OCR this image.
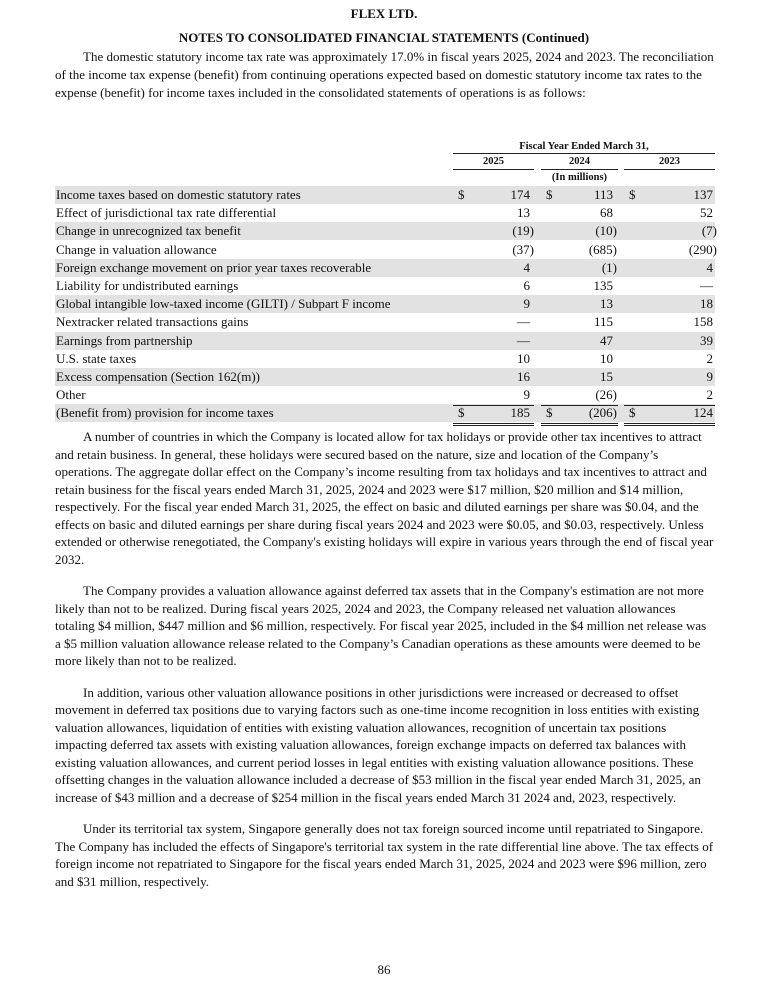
FLEX LTD.
NOTES TO CONSOLIDATED FINANCIAL STATEMENTS (Continued)

The domestic statutory income tax rate was approximately 17.0% in fiscal years 2025, 2024 and 2023. The reconciliation of the income tax expense (benefit) from continuing operations expected based on domestic statutory income tax rates to the expense (benefit) for income taxes included in the consolidated statements of operations is as follows:

Fiscal Year Ended March 31,
2025	2024	2023
(In millions)
Income taxes based on domestic statutory rates	$	174 $	113 $	137
Effect of jurisdictional tax rate differential	13	68	52
Change in unrecognized tax benefit	(19)	(10)	(7)
Change in valuation allowance	(37)	(685)	(290)
Foreign exchange movement on prior year taxes recoverable	4	(1)	4
Liability for undistributed earnings	6	135	—
Global intangible low-taxed income (GILTI) / Subpart F income	9	13	18
Nextracker related transactions gains	—	115	158
Earnings from partnership	—	47	39
U.S. state taxes	10	10	2
Excess compensation (Section 162(m))	16	15	9
Other	9	(26)	2
(Benefit from) provision for income taxes	$	185 $	(206) $	124

A number of countries in which the Company is located allow for tax holidays or provide other tax incentives to attract and retain business. In general, these holidays were secured based on the nature, size and location of the Company’s operations. The aggregate dollar effect on the Company’s income resulting from tax holidays and tax incentives to attract and retain business for the fiscal years ended March 31, 2025, 2024 and 2023 were $17 million, $20 million and $14 million, respectively. For the fiscal year ended March 31, 2025, the effect on basic and diluted earnings per share was $0.04, and the effects on basic and diluted earnings per share during fiscal years 2024 and 2023 were $0.05, and $0.03, respectively. Unless extended or otherwise renegotiated, the Company's existing holidays will expire in various years through the end of fiscal year 2032.

The Company provides a valuation allowance against deferred tax assets that in the Company's estimation are not more likely than not to be realized. During fiscal years 2025, 2024 and 2023, the Company released net valuation allowances totaling $4 million, $447 million and $6 million, respectively. For fiscal year 2025, included in the $4 million net release was a $5 million valuation allowance release related to the Company’s Canadian operations as these amounts were deemed to be more likely than not to be realized.

In addition, various other valuation allowance positions in other jurisdictions were increased or decreased to offset movement in deferred tax positions due to varying factors such as one-time income recognition in loss entities with existing valuation allowances, liquidation of entities with existing valuation allowances, recognition of uncertain tax positions impacting deferred tax assets with existing valuation allowances, foreign exchange impacts on deferred tax balances with existing valuation allowances, and current period losses in legal entities with existing valuation allowance positions. These offsetting changes in the valuation allowance included a decrease of $53 million in the fiscal year ended March 31, 2025, an increase of $43 million and a decrease of $254 million in the fiscal years ended March 31 2024 and, 2023, respectively.

Under its territorial tax system, Singapore generally does not tax foreign sourced income until repatriated to Singapore. The Company has included the effects of Singapore's territorial tax system in the rate differential line above. The tax effects of foreign income not repatriated to Singapore for the fiscal years ended March 31, 2025, 2024 and 2023 were $96 million, zero and $31 million, respectively.

86
